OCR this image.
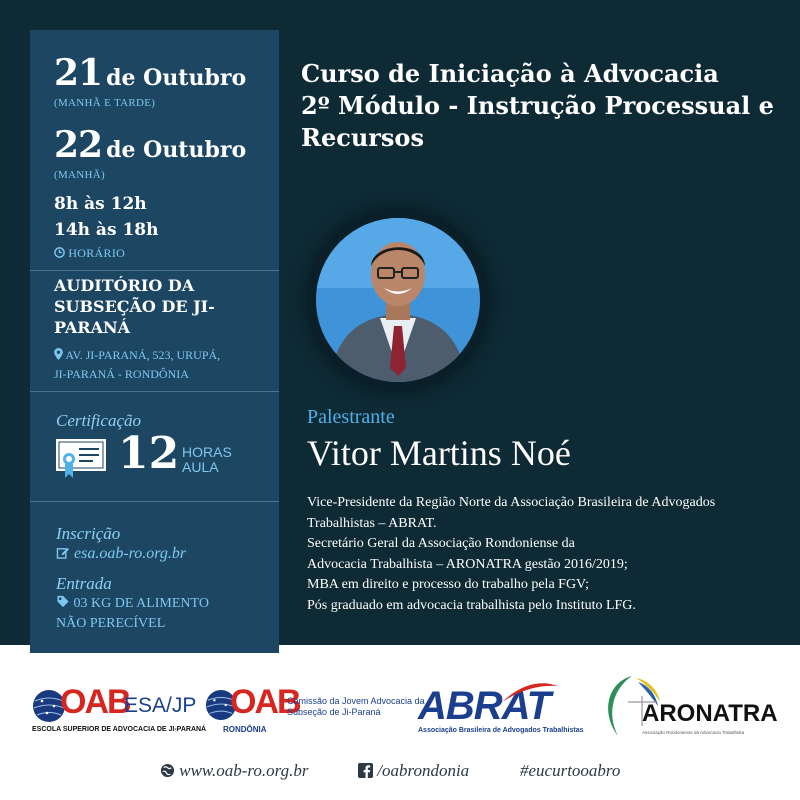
21 de Outubro
(MANHÃ E TARDE)
22 de Outubro
(MANHÃ)
8h às 12h
14h às 18h
HORÁRIO
AUDITÓRIO DA SUBSEÇÃO DE JI-PARANÁ
AV. JI-PARANÁ, 523, URUPÁ,
JI-PARANÁ - RONDÔNIA
Certificação
12 HORAS
AULA
Inscrição
esa.oab-ro.org.br
Entrada
03 KG DE ALIMENTO
NÃO PERECÍVEL
Curso de Iniciação à Advocacia
2º Módulo - Instrução Processual e
Recursos
Palestrante
Vitor Martins Noé
Vice-Presidente da Região Norte da Associação Brasileira de Advogados
Trabalhistas – ABRAT.
Secretário Geral da Associação Rondoniense da
Advocacia Trabalhista – ARONATRA gestão 2016/2019;
MBA em direito e processo do trabalho pela FGV;
Pós graduado em advocacia trabalhista pelo Instituto LFG.
OAB
ESA/JP
ESCOLA SUPERIOR DE ADVOCACIA DE JI-PARANÁ
OAB
RONDÔNIA
Comissão da Jovem Advocacia da
Subseção de Ji-Paraná ABRAT
Associação Brasileira de Advogados Trabalhistas
ARONATRA
Associação Rondoniense da Advocacia Trabalhista
www.oab-ro.org.br	/oabrondonia	#eucurtooabro
